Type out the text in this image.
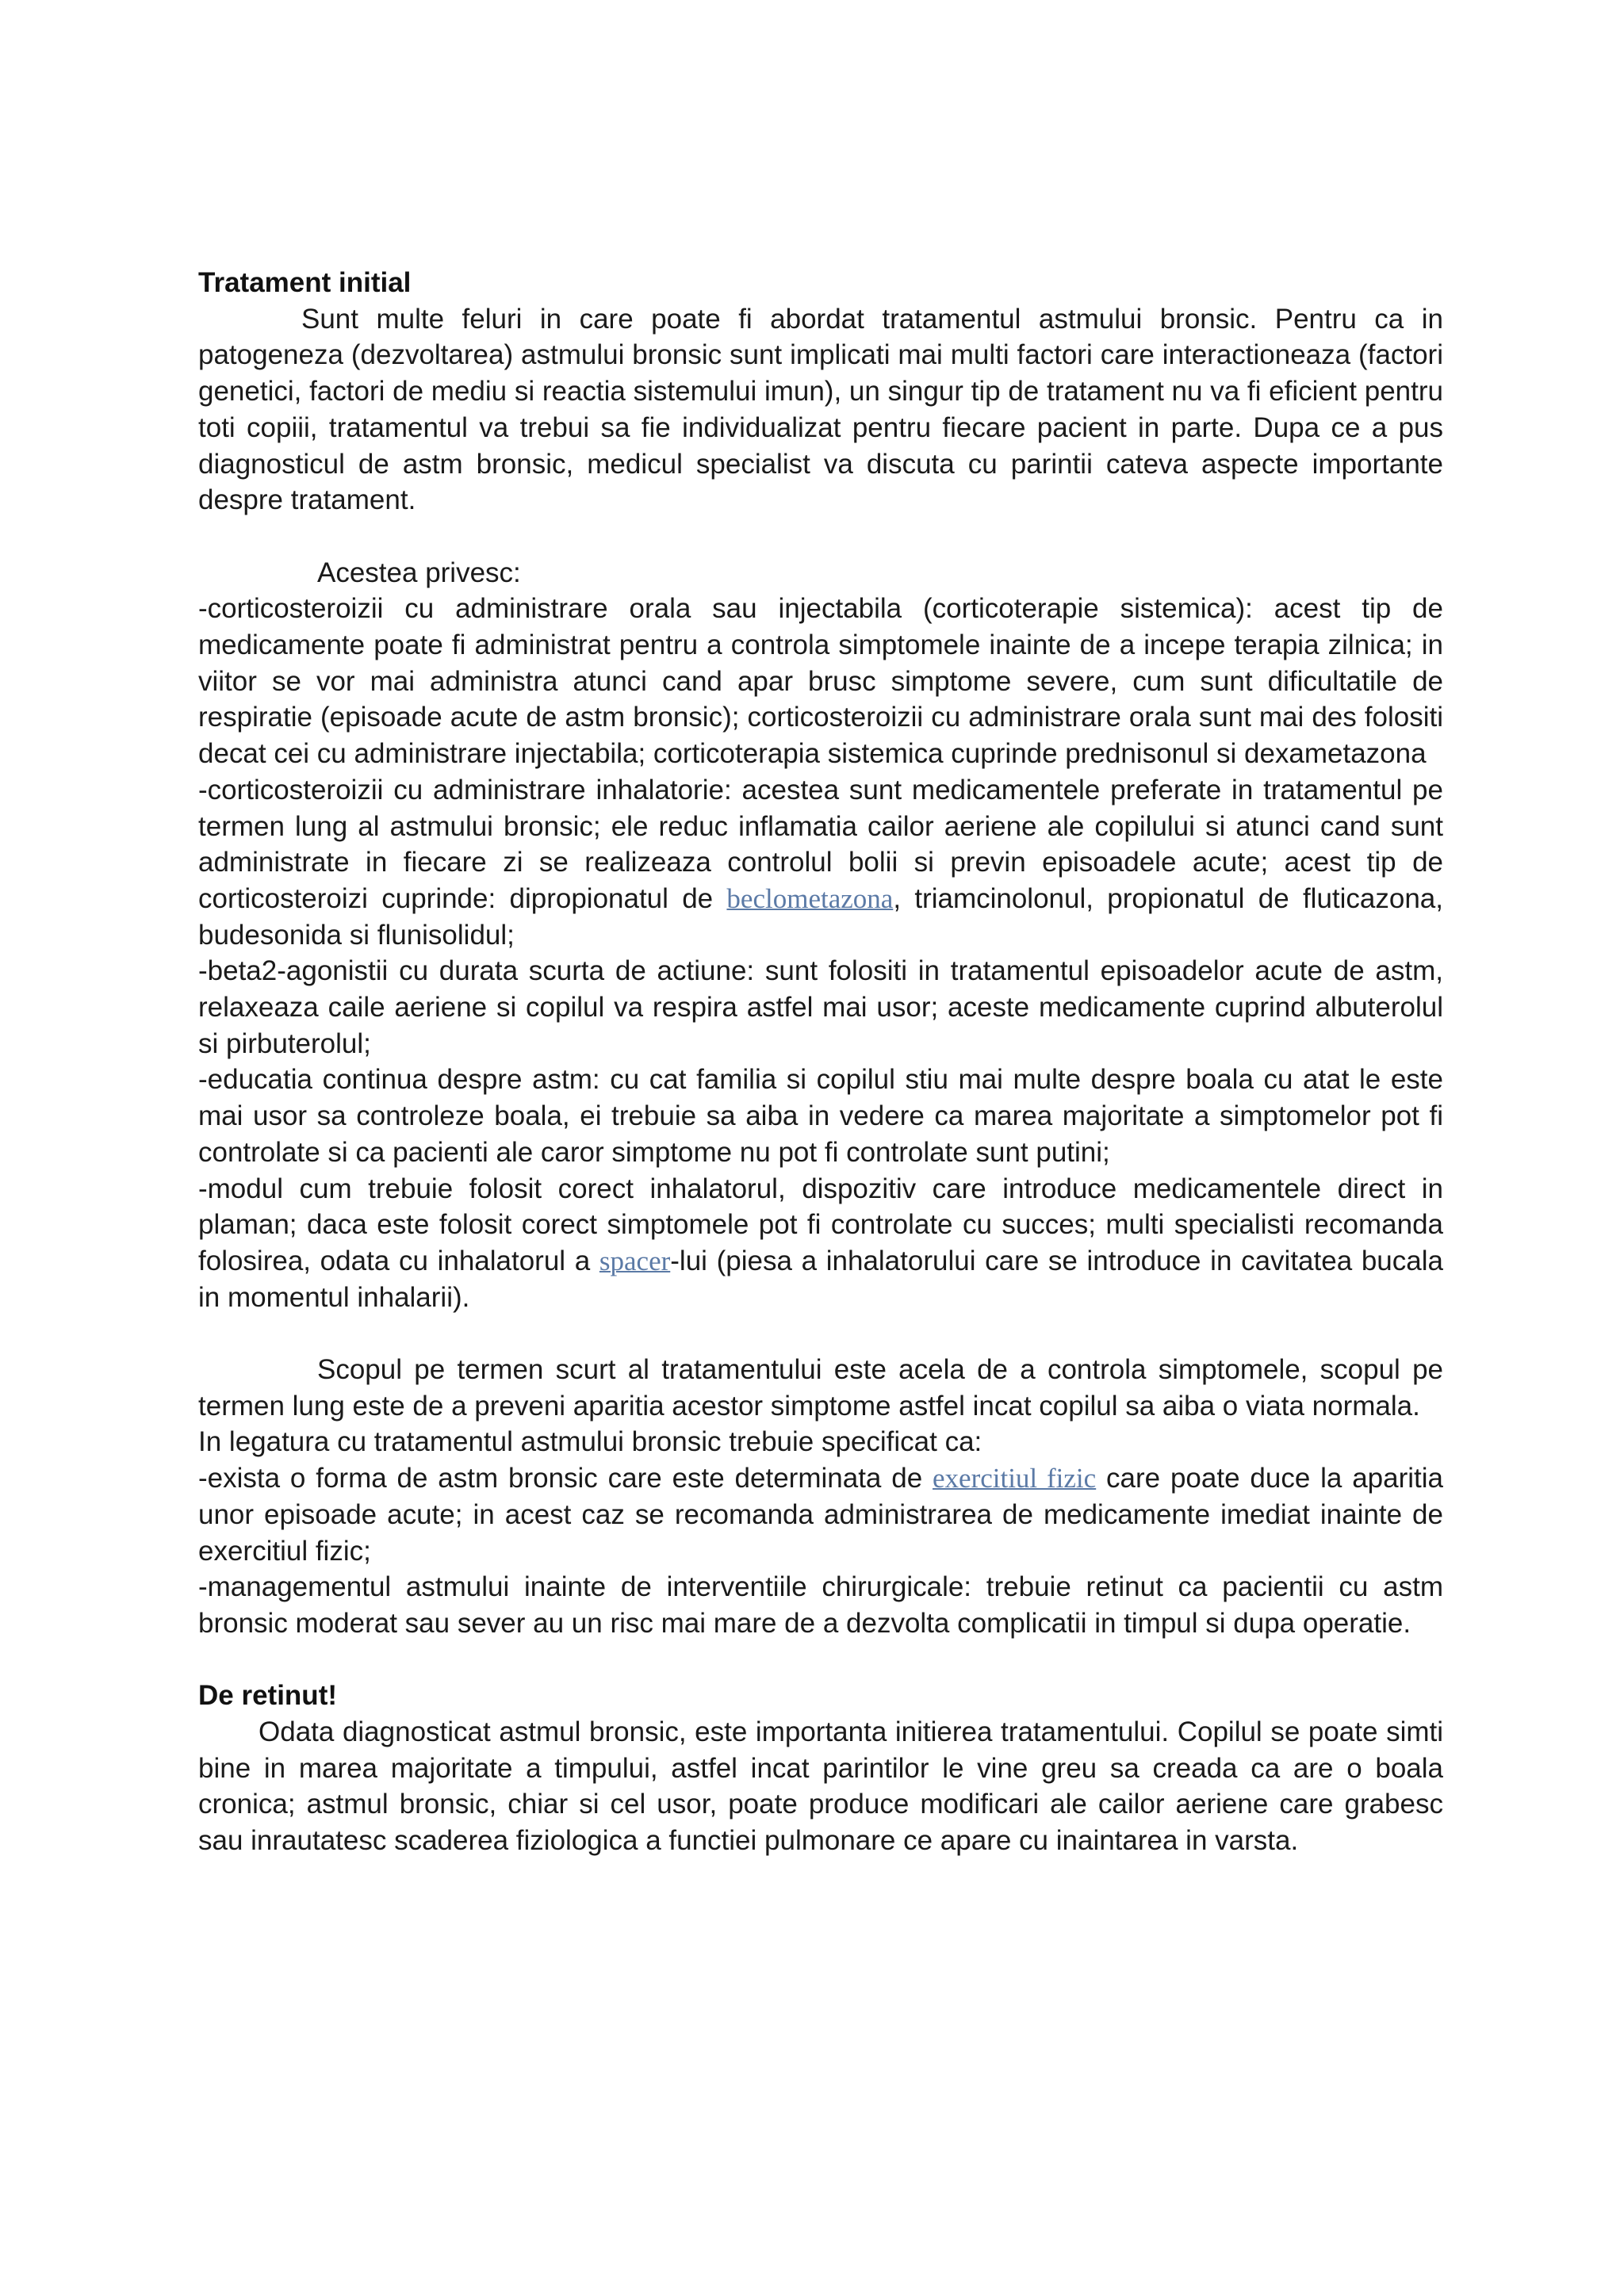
Tratament initial

Sunt multe feluri in care poate fi abordat tratamentul astmului bronsic. Pentru ca in patogeneza (dezvoltarea) astmului bronsic sunt implicati mai multi factori care interactioneaza (factori genetici, factori de mediu si reactia sistemului imun), un singur tip de tratament nu va fi eficient pentru toti copiii, tratamentul va trebui sa fie individualizat pentru fiecare pacient in parte. Dupa ce a pus diagnosticul de astm bronsic, medicul specialist va discuta cu parintii cateva aspecte importante despre tratament.

Acestea privesc:

-corticosteroizii cu administrare orala sau injectabila (corticoterapie sistemica): acest tip de medicamente poate fi administrat pentru a controla simptomele inainte de a incepe terapia zilnica; in viitor se vor mai administra atunci cand apar brusc simptome severe, cum sunt dificultatile de respiratie (episoade acute de astm bronsic); corticosteroizii cu administrare orala sunt mai des folositi decat cei cu administrare injectabila; corticoterapia sistemica cuprinde prednisonul si dexametazona

-corticosteroizii cu administrare inhalatorie: acestea sunt medicamentele preferate in tratamentul pe termen lung al astmului bronsic; ele reduc inflamatia cailor aeriene ale copilului si atunci cand sunt administrate in fiecare zi se realizeaza controlul bolii si previn episoadele acute; acest tip de corticosteroizi cuprinde: dipropionatul de beclometazona, triamcinolonul, propionatul de fluticazona, budesonida si flunisolidul;

-beta2-agonistii cu durata scurta de actiune: sunt folositi in tratamentul episoadelor acute de astm, relaxeaza caile aeriene si copilul va respira astfel mai usor; aceste medicamente cuprind albuterolul si pirbuterolul;

-educatia continua despre astm: cu cat familia si copilul stiu mai multe despre boala cu atat le este mai usor sa controleze boala, ei trebuie sa aiba in vedere ca marea majoritate a simptomelor pot fi controlate si ca pacienti ale caror simptome nu pot fi controlate sunt putini;

-modul cum trebuie folosit corect inhalatorul, dispozitiv care introduce medicamentele direct in plaman; daca este folosit corect simptomele pot fi controlate cu succes; multi specialisti recomanda folosirea, odata cu inhalatorul a spacer-lui (piesa a inhalatorului care se introduce in cavitatea bucala in momentul inhalarii).

Scopul pe termen scurt al tratamentului este acela de a controla simptomele, scopul pe termen lung este de a preveni aparitia acestor simptome astfel incat copilul sa aiba o viata normala.

In legatura cu tratamentul astmului bronsic trebuie specificat ca:

-exista o forma de astm bronsic care este determinata de exercitiul fizic care poate duce la aparitia unor episoade acute; in acest caz se recomanda administrarea de medicamente imediat inainte de exercitiul fizic;

-managementul astmului inainte de interventiile chirurgicale: trebuie retinut ca pacientii cu astm bronsic moderat sau sever au un risc mai mare de a dezvolta complicatii in timpul si dupa operatie.

De retinut!

Odata diagnosticat astmul bronsic, este importanta initierea tratamentului. Copilul se poate simti bine in marea majoritate a timpului, astfel incat parintilor le vine greu sa creada ca are o boala cronica; astmul bronsic, chiar si cel usor, poate produce modificari ale cailor aeriene care grabesc sau inrautatesc scaderea fiziologica a functiei pulmonare ce apare cu inaintarea in varsta.
